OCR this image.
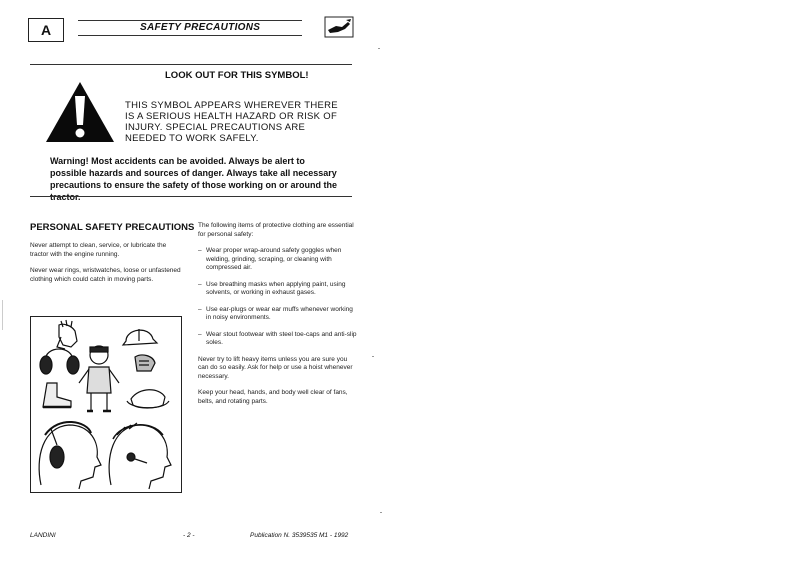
A	SAFETY PRECAUTIONS
LOOK OUT FOR THIS SYMBOL!
THIS SYMBOL APPEARS WHEREVER THERE IS A SERIOUS HEALTH HAZARD OR RISK OF INJURY. SPECIAL PRECAUTIONS ARE NEEDED TO WORK SAFELY.
Warning! Most accidents can be avoided. Always be alert to possible hazards and sources of danger. Always take all necessary precautions to ensure the safety of those working on or around the tractor.
PERSONAL SAFETY PRECAUTIONS
Never attempt to clean, service, or lubricate the tractor with the engine running.
Never wear rings, wristwatches, loose or unfastened clothing which could catch in moving parts.

The following items of protective clothing are essential for personal safety:

– Wear proper wrap-around safety goggles when welding, grinding, scraping, or cleaning with compressed air.
– Use breathing masks when applying paint, using solvents, or working in exhaust gases.
– Use ear-plugs or wear ear muffs whenever working in noisy environments.
– Wear stout footwear with steel toe-caps and anti-slip soles.

Never try to lift heavy items unless you are sure you can do so easily. Ask for help or use a hoist whenever necessary.

Keep your head, hands, and body well clear of fans, belts, and rotating parts.

LANDINI	- 2 -	Publication N. 3539535 M1 - 1992
